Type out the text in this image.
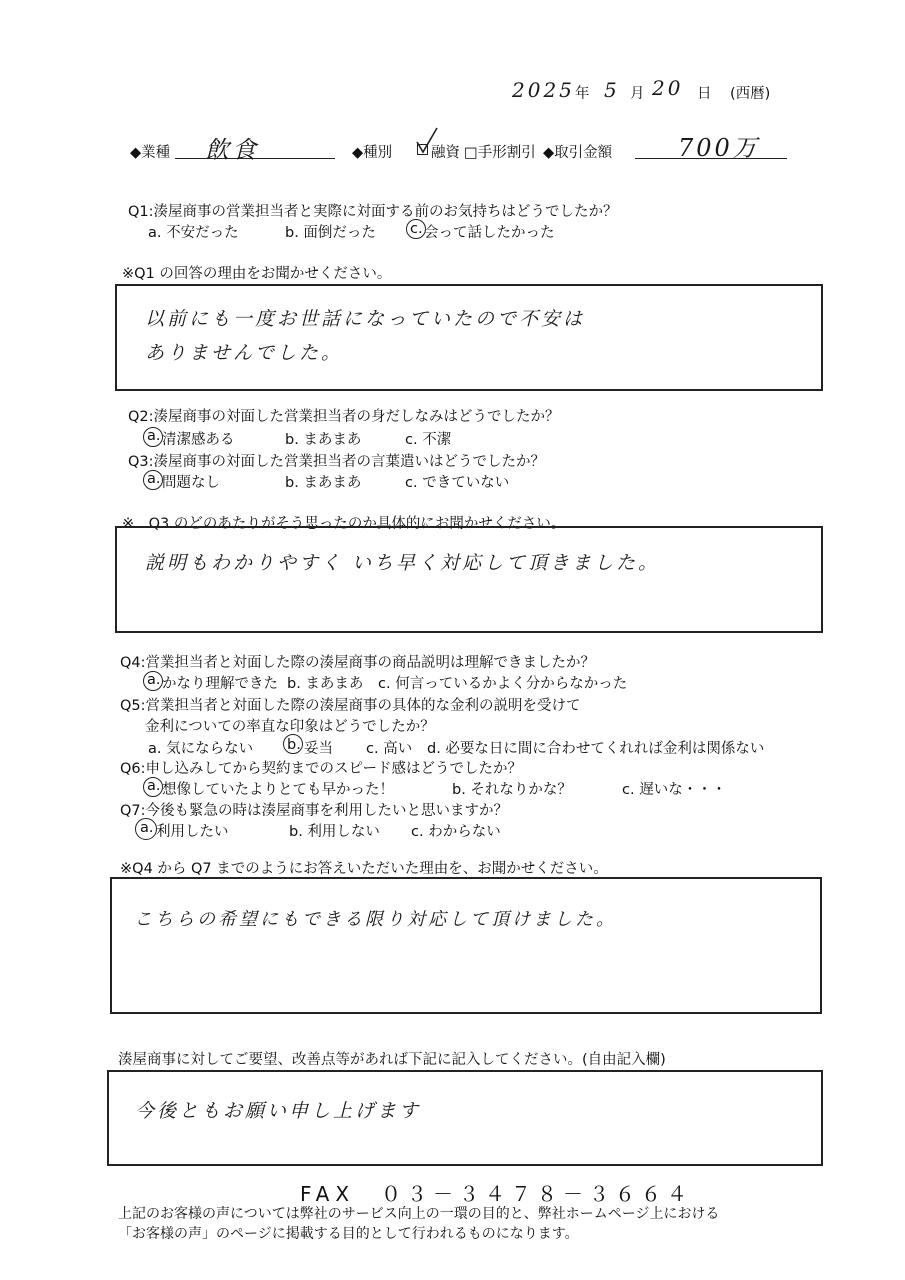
2025 年 5 月 20 日 (西暦)
◆業種 飲食	◆種別	融資 □手形割引 ◆取引金額	700万
Q1:湊屋商事の営業担当者と実際に対面する前のお気持ちはどうでしたか？
a. 不安だった	b. 面倒だった c. 会って話したかった
※Q1 の回答の理由をお聞かせください。
以前にも一度お世話になっていたので不安は
ありませんでした。
Q2:湊屋商事の対面した営業担当者の身だしなみはどうでしたか？
a. 清潔感ある	b. まあまあ	c. 不潔
Q3:湊屋商事の対面した営業担当者の言葉遣いはどうでしたか？
a. 問題なし	b. まあまあ	c. できていない
※　Q3 のどのあたりがそう思ったのか具体的にお聞かせください。
説明もわかりやすく いち早く対応して頂きました。
Q4:営業担当者と対面した際の湊屋商事の商品説明は理解できましたか？
a. かなり理解できた b. まあまあ c. 何言っているかよく分からなかった
Q5:営業担当者と対面した際の湊屋商事の具体的な金利の説明を受けて
金利についての率直な印象はどうでしたか？
a. 気にならない b. 妥当 c. 高い d. 必要な日に間に合わせてくれれば金利は関係ない
Q6:申し込みしてから契約までのスピード感はどうでしたか？
a. 想像していたよりとても早かった！	b. それなりかな？	c. 遅いな・・・
Q7:今後も緊急の時は湊屋商事を利用したいと思いますか？
a. 利用したい	b. 利用しない c. わからない
※Q4 から Q7 までのようにお答えいただいた理由を、お聞かせください。
こちらの希望にもできる限り対応して頂けました。
湊屋商事に対してご要望、改善点等があれば下記に記入してください。(自由記入欄)
今後ともお願い申し上げます
FAX　０３－３４７８－３６６４
上記のお客様の声については弊社のサービス向上の一環の目的と、弊社ホームページ上における
「お客様の声」のページに掲載する目的として行われるものになります。
